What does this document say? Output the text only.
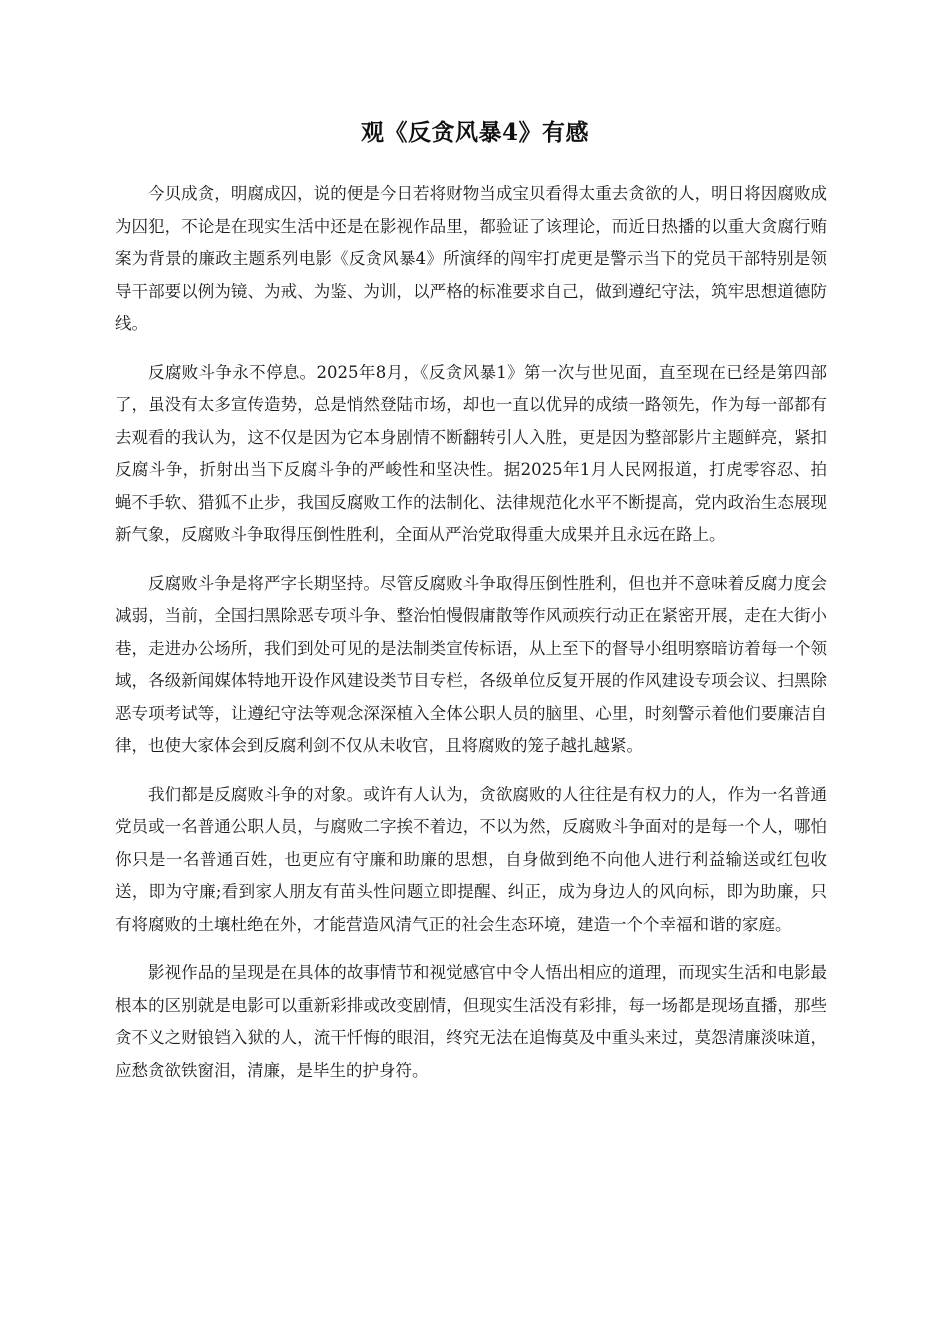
观《反贪风暴4》有感

今贝成贪，明腐成囚，说的便是今日若将财物当成宝贝看得太重去贪欲的人，明日将因腐败成为囚犯，不论是在现实生活中还是在影视作品里，都验证了该理论，而近日热播的以重大贪腐行贿案为背景的廉政主题系列电影《反贪风暴4》所演绎的闯牢打虎更是警示当下的党员干部特别是领导干部要以例为镜、为戒、为鉴、为训，以严格的标准要求自己，做到遵纪守法，筑牢思想道德防线。

反腐败斗争永不停息。2025年8月，《反贪风暴1》第一次与世见面，直至现在已经是第四部了，虽没有太多宣传造势，总是悄然登陆市场，却也一直以优异的成绩一路领先，作为每一部都有去观看的我认为，这不仅是因为它本身剧情不断翻转引人入胜，更是因为整部影片主题鲜亮，紧扣反腐斗争，折射出当下反腐斗争的严峻性和坚决性。据2025年1月人民网报道，打虎零容忍、拍蝇不手软、猎狐不止步，我国反腐败工作的法制化、法律规范化水平不断提高，党内政治生态展现新气象，反腐败斗争取得压倒性胜利，全面从严治党取得重大成果并且永远在路上。

反腐败斗争是将严字长期坚持。尽管反腐败斗争取得压倒性胜利，但也并不意味着反腐力度会减弱，当前，全国扫黑除恶专项斗争、整治怕慢假庸散等作风顽疾行动正在紧密开展，走在大街小巷，走进办公场所，我们到处可见的是法制类宣传标语，从上至下的督导小组明察暗访着每一个领域，各级新闻媒体特地开设作风建设类节目专栏，各级单位反复开展的作风建设专项会议、扫黑除恶专项考试等，让遵纪守法等观念深深植入全体公职人员的脑里、心里，时刻警示着他们要廉洁自律，也使大家体会到反腐利剑不仅从未收官，且将腐败的笼子越扎越紧。

我们都是反腐败斗争的对象。或许有人认为，贪欲腐败的人往往是有权力的人，作为一名普通党员或一名普通公职人员，与腐败二字挨不着边，不以为然，反腐败斗争面对的是每一个人，哪怕你只是一名普通百姓，也更应有守廉和助廉的思想，自身做到绝不向他人进行利益输送或红包收送，即为守廉;看到家人朋友有苗头性问题立即提醒、纠正，成为身边人的风向标，即为助廉，只有将腐败的土壤杜绝在外，才能营造风清气正的社会生态环境，建造一个个幸福和谐的家庭。

影视作品的呈现是在具体的故事情节和视觉感官中令人悟出相应的道理，而现实生活和电影最根本的区别就是电影可以重新彩排或改变剧情，但现实生活没有彩排，每一场都是现场直播，那些贪不义之财锒铛入狱的人，流干忏悔的眼泪，终究无法在追悔莫及中重头来过，莫怨清廉淡味道，应愁贪欲铁窗泪，清廉，是毕生的护身符。
